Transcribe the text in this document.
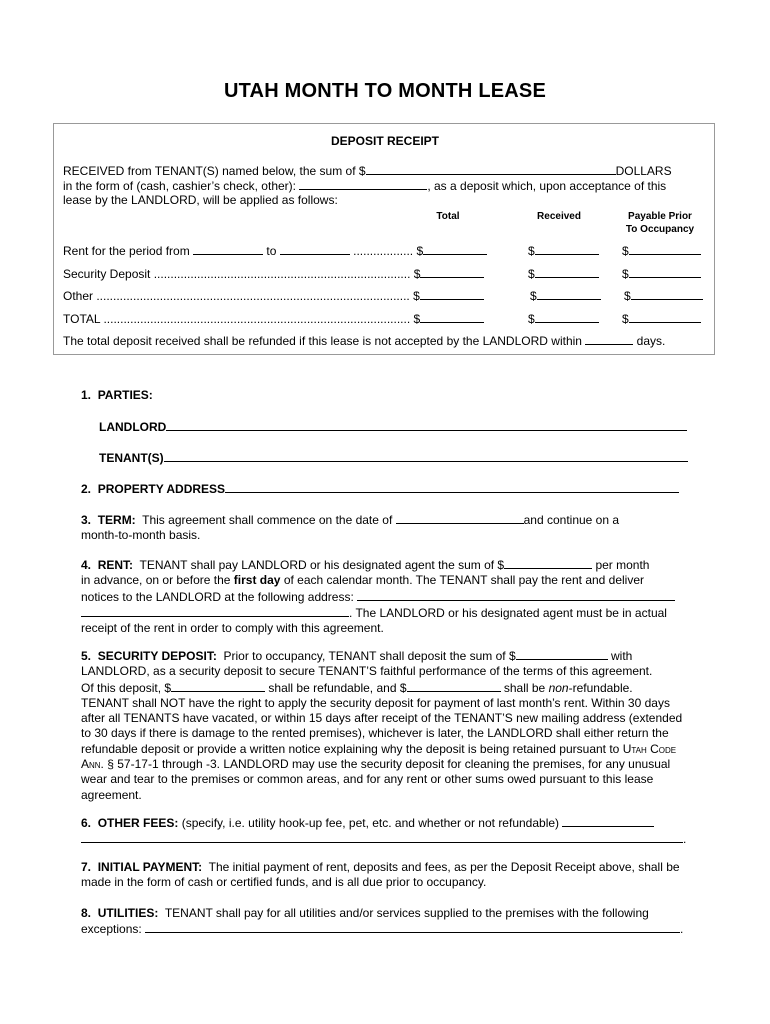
UTAH MONTH TO MONTH LEASE
DEPOSIT RECEIPT
RECEIVED from TENANT(S) named below, the sum of $	DOLLARS
in the form of (cash, cashier’s check, other):	, as a deposit which, upon acceptance of this
lease by the LANDLORD, will be applied as follows:
Total	Received	Payable Prior
To Occupancy
Rent for the period from	to	.................. $	$	$
Security Deposit ............................................................................. $	$	$
Other .............................................................................................. $	$	$
TOTAL ............................................................................................ $	$	$
The total deposit received shall be refunded if this lease is not accepted by the LANDLORD within	days.
1. PARTIES:
LANDLORD
TENANT(S)
2. PROPERTY ADDRESS

3. TERM: This agreement shall commence on the date of	and continue on a

month-to-month basis.

4. RENT: TENANT shall pay LANDLORD or his designated agent the sum of $	per month

in advance, on or before the first day of each calendar month. The TENANT shall pay the rent and deliver

notices to the LANDLORD at the following address:

. The LANDLORD or his designated agent must be in actual

receipt of the rent in order to comply with this agreement.

5. SECURITY DEPOSIT: Prior to occupancy, TENANT shall deposit the sum of $	with

LANDLORD, as a security deposit to secure TENANT’S faithful performance of the terms of this agreement.

Of this deposit, $	shall be refundable, and $	shall be non-refundable.

TENANT shall NOT have the right to apply the security deposit for payment of last month’s rent. Within 30 days after all TENANTS have vacated, or within 15 days after receipt of the TENANT’S new mailing address (extended to 30 days if there is damage to the rented premises), whichever is later, the LANDLORD shall either return the refundable deposit or provide a written notice explaining why the deposit is being retained pursuant to Utah Code Ann. § 57-17-1 through -3. LANDLORD may use the security deposit for cleaning the premises, for any unusual wear and tear to the premises or common areas, and for any rent or other sums owed pursuant to this lease agreement.

6. OTHER FEES: (specify, i.e. utility hook-up fee, pet, etc. and whether or not refundable)

.

7. INITIAL PAYMENT: The initial payment of rent, deposits and fees, as per the Deposit Receipt above, shall be made in the form of cash or certified funds, and is all due prior to occupancy.

8. UTILITIES: TENANT shall pay for all utilities and/or services supplied to the premises with the following

exceptions:	.
